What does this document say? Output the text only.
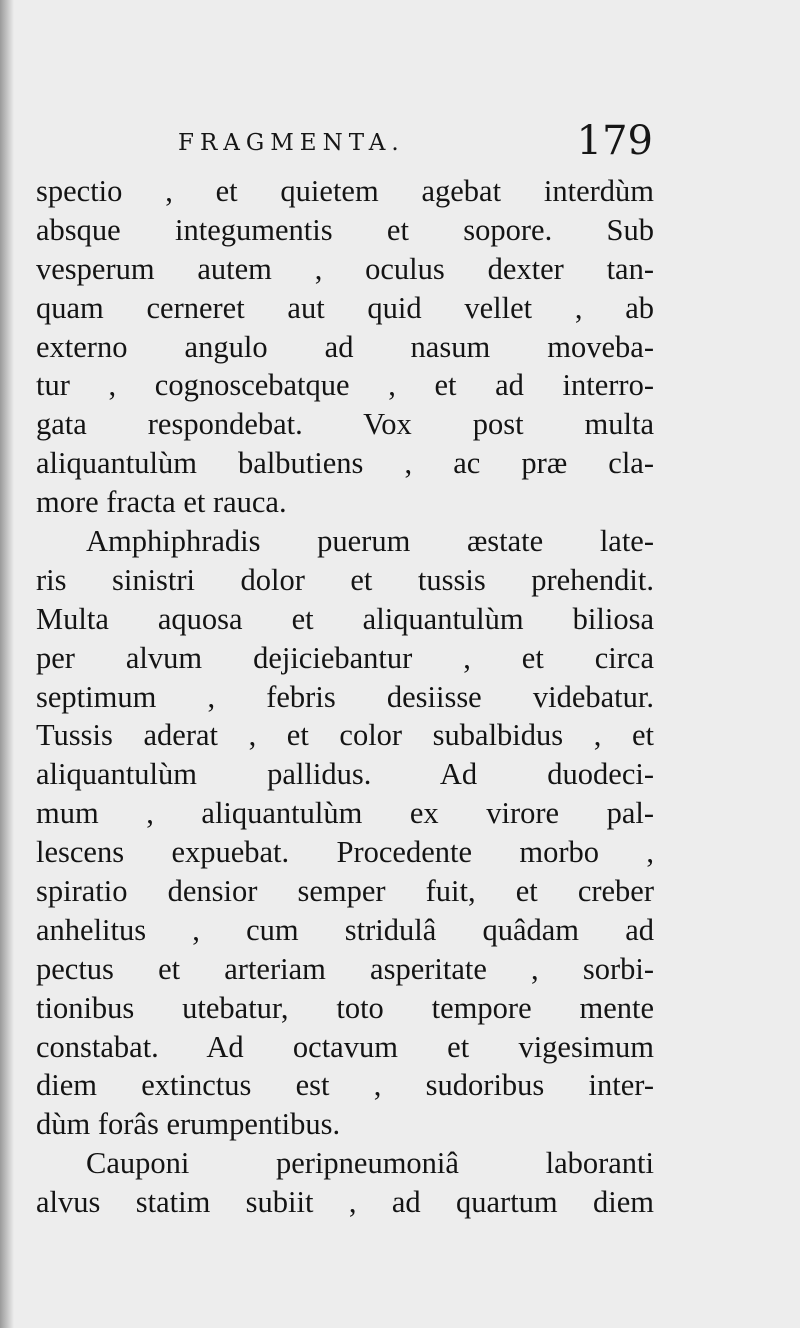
FRAGMENTA.	179
spectio , et quietem agebat interdùm
absque integumentis et sopore. Sub
vesperum autem , oculus dexter tan-
quam cerneret aut quid vellet , ab
externo angulo ad nasum moveba-
tur , cognoscebatque , et ad interro-
gata respondebat. Vox post multa
aliquantulùm balbutiens , ac præ cla-
more fracta et rauca.
Amphiphradis puerum æstate late-
ris sinistri dolor et tussis prehendit.
Multa aquosa et aliquantulùm biliosa
per alvum dejiciebantur , et circa
septimum , febris desiisse videbatur.
Tussis aderat , et color subalbidus , et
aliquantulùm pallidus. Ad duodeci-
mum , aliquantulùm ex virore pal-
lescens expuebat. Procedente morbo ,
spiratio densior semper fuit, et creber
anhelitus , cum stridulâ quâdam ad
pectus et arteriam asperitate , sorbi-
tionibus utebatur, toto tempore mente
constabat. Ad octavum et vigesimum
diem extinctus est , sudoribus inter-
dùm forâs erumpentibus.
Cauponi peripneumoniâ laboranti
alvus statim subiit , ad quartum diem
